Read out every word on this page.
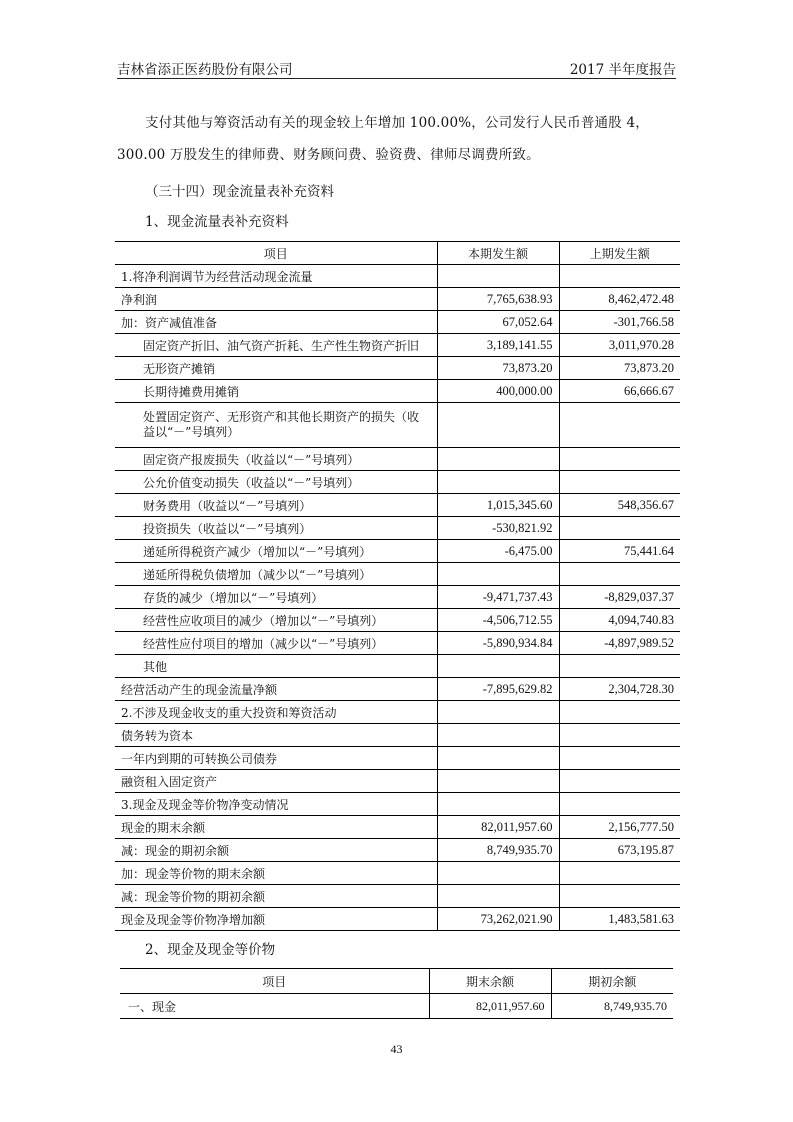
吉林省添正医药股份有限公司	2017 半年度报告
支付其他与筹资活动有关的现金较上年增加 100.00%，公司发行人民币普通股 4，300.00 万股发生的律师费、财务顾问费、验资费、律师尽调费所致。
（三十四）现金流量表补充资料
1、现金流量表补充资料
项目	本期发生额	上期发生额
1.将净利润调节为经营活动现金流量		
净利润	7,765,638.93	8,462,472.48
加：资产减值准备	67,052.64	-301,766.58
固定资产折旧、油气资产折耗、生产性生物资产折旧	3,189,141.55	3,011,970.28
无形资产摊销	73,873.20	73,873.20
长期待摊费用摊销	400,000.00	66,666.67
处置固定资产、无形资产和其他长期资产的损失（收益以“－”号填列）		
固定资产报废损失（收益以“－”号填列）		
公允价值变动损失（收益以“－”号填列）		
财务费用（收益以“－”号填列）	1,015,345.60	548,356.67
投资损失（收益以“－”号填列）	-530,821.92	
递延所得税资产减少（增加以“－”号填列）	-6,475.00	75,441.64
递延所得税负债增加（减少以“－”号填列）		
存货的减少（增加以“－”号填列）	-9,471,737.43	-8,829,037.37
经营性应收项目的减少（增加以“－”号填列）	-4,506,712.55	4,094,740.83
经营性应付项目的增加（减少以“－”号填列）	-5,890,934.84	-4,897,989.52
其他		
经营活动产生的现金流量净额	-7,895,629.82	2,304,728.30
2.不涉及现金收支的重大投资和筹资活动		
债务转为资本		
一年内到期的可转换公司债券		
融资租入固定资产		
3.现金及现金等价物净变动情况		
现金的期末余额	82,011,957.60	2,156,777.50
减：现金的期初余额	8,749,935.70	673,195.87
加：现金等价物的期末余额		
减：现金等价物的期初余额		
现金及现金等价物净增加额	73,262,021.90	1,483,581.63
2、现金及现金等价物
项目	期末余额	期初余额
一、现金	82,011,957.60	8,749,935.70
43
